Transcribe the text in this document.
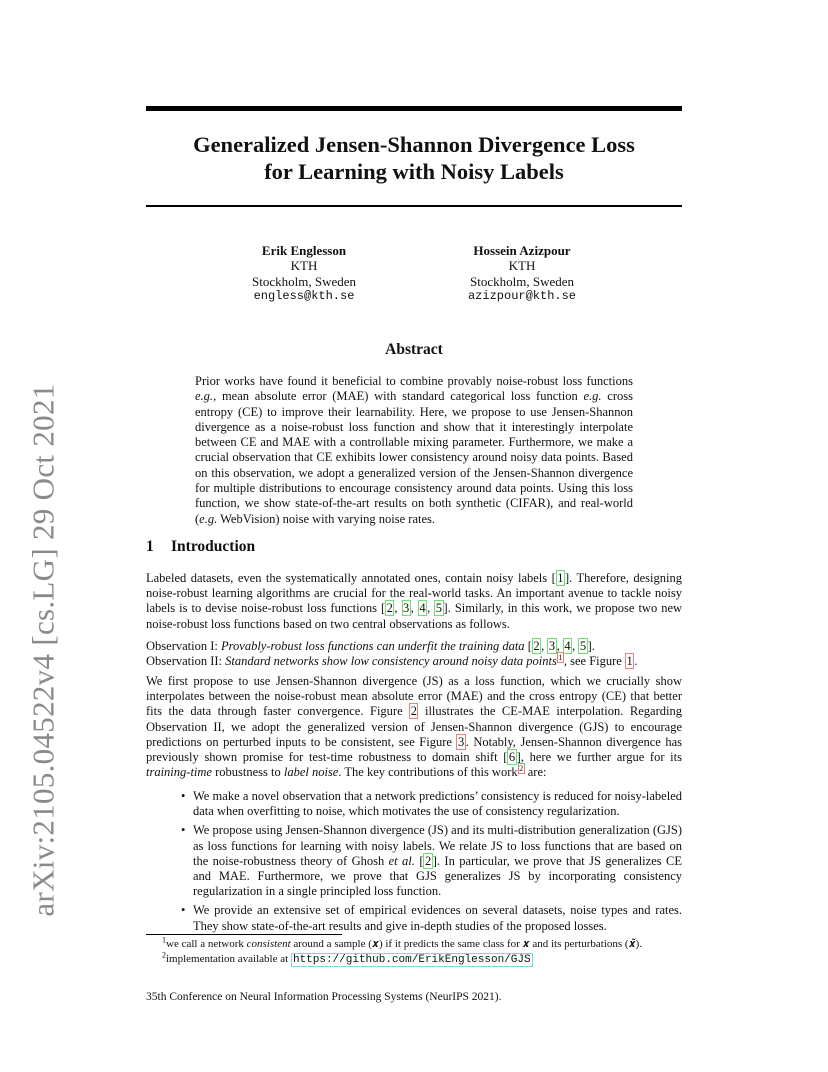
arXiv:2105.04522v4 [cs.LG] 29 Oct 2021
Generalized Jensen-Shannon Divergence Loss
for Learning with Noisy Labels
Erik Englesson
KTH
Stockholm, Sweden
engless@kth.se
Hossein Azizpour
KTH
Stockholm, Sweden
azizpour@kth.se
Abstract
Prior works have found it beneficial to combine provably noise-robust loss functions e.g., mean absolute error (MAE) with standard categorical loss function e.g. cross entropy (CE) to improve their learnability. Here, we propose to use Jensen-Shannon divergence as a noise-robust loss function and show that it interestingly interpolate between CE and MAE with a controllable mixing parameter. Furthermore, we make a crucial observation that CE exhibits lower consistency around noisy data points. Based on this observation, we adopt a generalized version of the Jensen-Shannon divergence for multiple distributions to encourage consistency around data points. Using this loss function, we show state-of-the-art results on both synthetic (CIFAR), and real-world (e.g. WebVision) noise with varying noise rates.
1 Introduction
Labeled datasets, even the systematically annotated ones, contain noisy labels [ 1 ]. Therefore, designing noise-robust learning algorithms are crucial for the real-world tasks. An important avenue to tackle noisy labels is to devise noise-robust loss functions [ 2 , 3 , 4 , 5 ]. Similarly, in this work, we propose two new noise-robust loss functions based on two central observations as follows.
Observation I: Provably-robust loss functions can underfit the training data [ 2 , 3 , 4 , 5 ].
Observation II: Standard networks show low consistency around noisy data points $^1$ , see Figure 1 .
We first propose to use Jensen-Shannon divergence (JS) as a loss function, which we crucially show interpolates between the noise-robust mean absolute error (MAE) and the cross entropy (CE) that better fits the data through faster convergence. Figure 2 illustrates the CE-MAE interpolation. Regarding Observation II, we adopt the generalized version of Jensen-Shannon divergence (GJS) to encourage predictions on perturbed inputs to be consistent, see Figure 3 . Notably, Jensen-Shannon divergence has previously shown promise for test-time robustness to domain shift [ 6 ], here we further argue for its training-time robustness to label noise. The key contributions of this work $^2$ are:
• We make a novel observation that a network predictions’ consistency is reduced for noisy-labeled data when overfitting to noise, which motivates the use of consistency regularization.
• We propose using Jensen-Shannon divergence (JS) and its multi-distribution generalization (GJS) as loss functions for learning with noisy labels. We relate JS to loss functions that are based on the noise-robustness theory of Ghosh et al. [ 2 ]. In particular, we prove that JS generalizes CE and MAE. Furthermore, we prove that GJS generalizes JS by incorporating consistency regularization in a single principled loss function.
• We provide an extensive set of empirical evidences on several datasets, noise types and rates. They show state-of-the-art results and give in-depth studies of the proposed losses.
$^1$we call a network consistent around a sample (𝒙) if it predicts the same class for 𝒙 and its perturbations (𝒙̃).
$^2$implementation available at https://github.com/ErikEnglesson/GJS
35th Conference on Neural Information Processing Systems (NeurIPS 2021).
